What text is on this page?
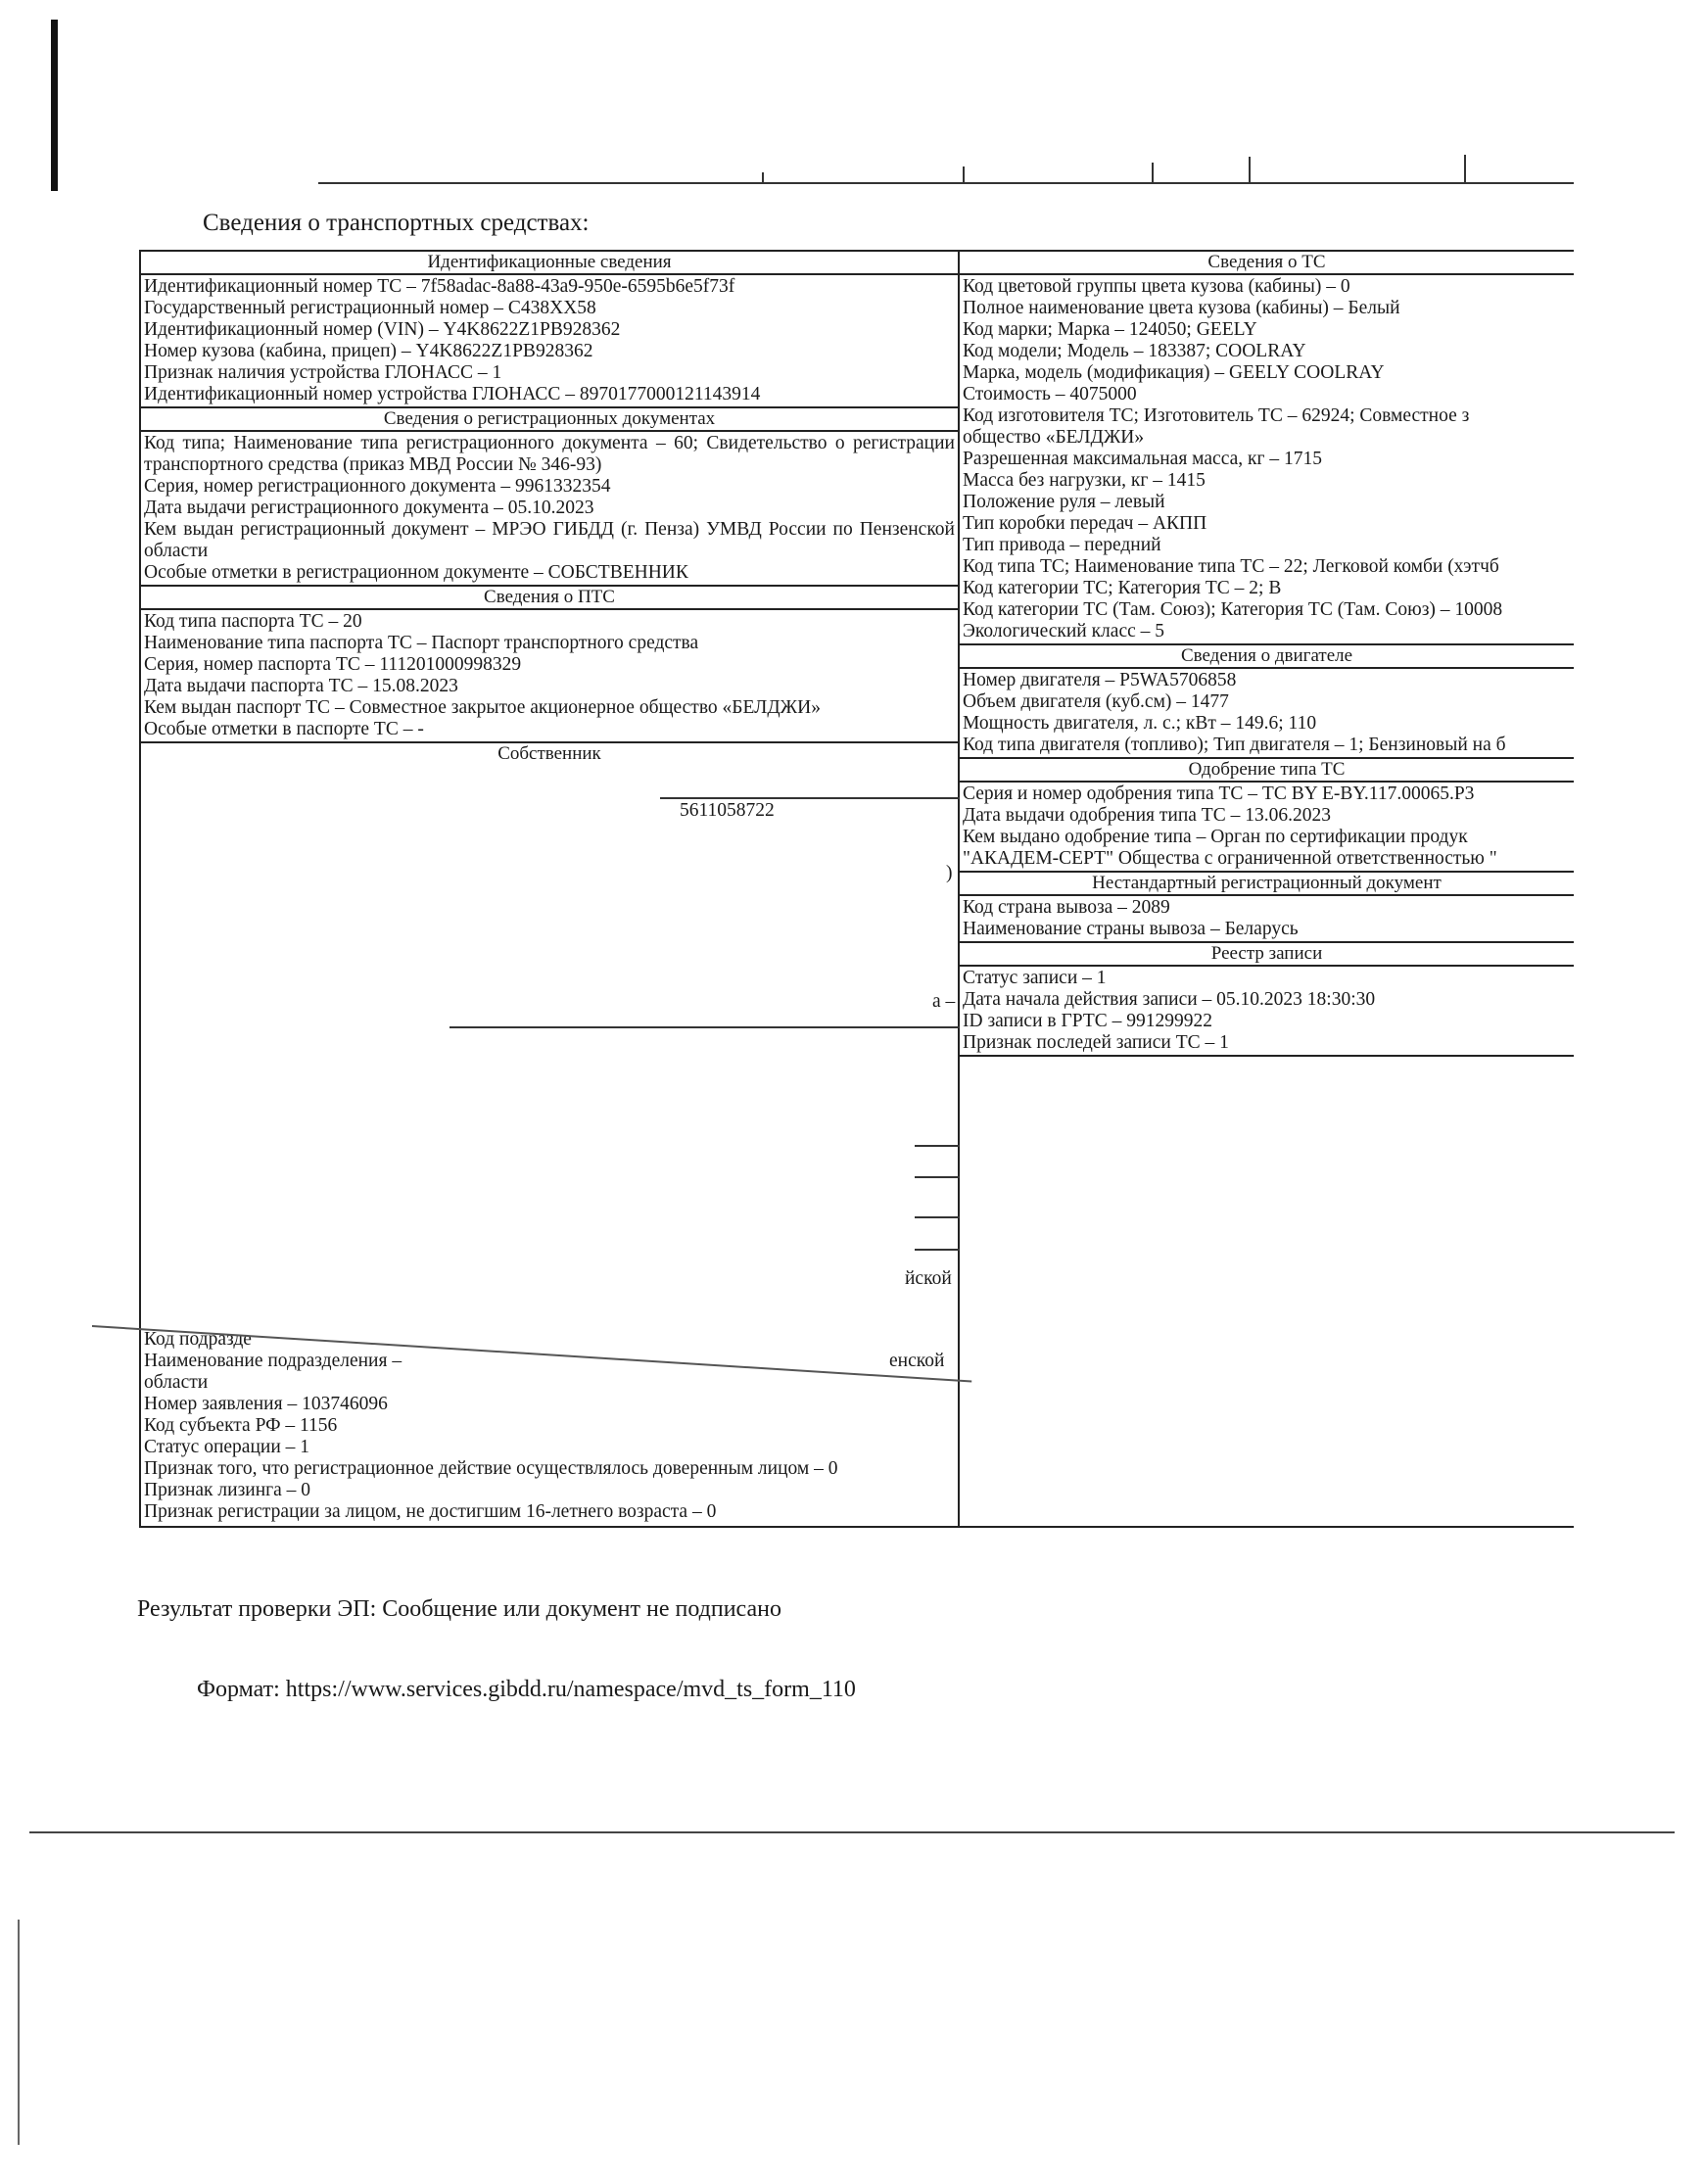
Сведения о транспортных средствах:
Идентификационные сведения
Идентификационный номер ТС – 7f58adac-8a88-43a9-950e-6595b6e5f73f
Государственный регистрационный номер – С438ХХ58
Идентификационный номер (VIN) – Y4K8622Z1PB928362
Номер кузова (кабина, прицеп) – Y4K8622Z1PB928362
Признак наличия устройства ГЛОНАСС – 1
Идентификационный номер устройства ГЛОНАСС – 8970177000121143914
Сведения о регистрационных документах
Код типа; Наименование типа регистрационного документа – 60; Свидетельство о регистрации транспортного средства (приказ МВД России № 346-93)
Серия, номер регистрационного документа – 9961332354
Дата выдачи регистрационного документа – 05.10.2023
Кем выдан регистрационный документ – МРЭО ГИБДД (г. Пенза) УМВД России по Пензенской области
Особые отметки в регистрационном документе – СОБСТВЕННИК
Сведения о ПТС
Код типа паспорта ТС – 20
Наименование типа паспорта ТС – Паспорт транспортного средства
Серия, номер паспорта ТС – 111201000998329
Дата выдачи паспорта ТС – 15.08.2023
Кем выдан паспорт ТС – Совместное закрытое акционерное общество «БЕЛДЖИ»
Особые отметки в паспорте ТС – -
Собственник
5611058722
)
а –
йской
Код подразде
Наименование подразделения –	енской
области
Номер заявления – 103746096
Код субъекта РФ – 1156
Статус операции – 1
Признак того, что регистрационное действие осуществлялось доверенным лицом – 0
Признак лизинга – 0
Признак регистрации за лицом, не достигшим 16-летнего возраста – 0
Сведения о ТС
Код цветовой группы цвета кузова (кабины) – 0
Полное наименование цвета кузова (кабины) – Белый
Код марки; Марка – 124050; GEELY
Код модели; Модель – 183387; COOLRAY
Марка, модель (модификация) – GEELY COOLRAY
Стоимость – 4075000
Код изготовителя ТС; Изготовитель ТС – 62924; Совместное з
общество «БЕЛДЖИ»
Разрешенная максимальная масса, кг – 1715
Масса без нагрузки, кг – 1415
Положение руля – левый
Тип коробки передач – АКПП
Тип привода – передний
Код типа ТС; Наименование типа ТС – 22; Легковой комби (хэтчб
Код категории ТС; Категория ТС – 2; B
Код категории ТС (Там. Союз); Категория ТС (Там. Союз) – 10008
Экологический класс – 5
Сведения о двигателе
Номер двигателя – P5WA5706858
Объем двигателя (куб.см) – 1477
Мощность двигателя, л. с.; кВт – 149.6; 110
Код типа двигателя (топливо); Тип двигателя – 1; Бензиновый на б
Одобрение типа ТС
Серия и номер одобрения типа ТС – ТС BY E-BY.117.00065.Р3
Дата выдачи одобрения типа ТС – 13.06.2023
Кем выдано одобрение типа – Орган по сертификации продук
"АКАДЕМ-СЕРТ" Общества с ограниченной ответственностью "
Нестандартный регистрационный документ
Код страна вывоза – 2089
Наименование страны вывоза – Беларусь
Реестр записи
Статус записи – 1
Дата начала действия записи – 05.10.2023 18:30:30
ID записи в ГРТС – 991299922
Признак последей записи ТС – 1
Результат проверки ЭП: Сообщение или документ не подписано
Формат: https://www.services.gibdd.ru/namespace/mvd_ts_form_110
